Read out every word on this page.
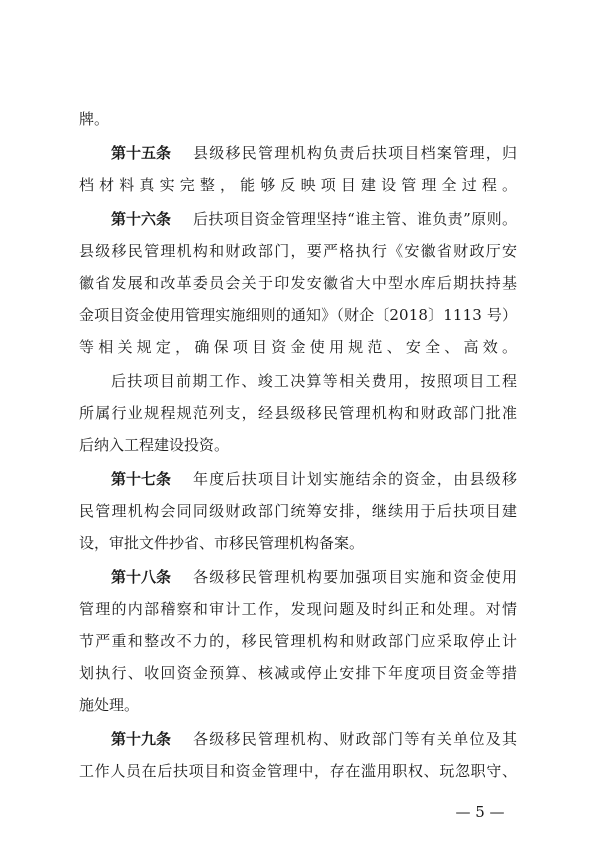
牌。
第十五条 县级移民管理机构负责后扶项目档案管理，归
档材料真实完整，能够反映项目建设管理全过程。
第十六条 后扶项目资金管理坚持“谁主管、谁负责”原则。
县级移民管理机构和财政部门，要严格执行《安徽省财政厅安
徽省发展和改革委员会关于印发安徽省大中型水库后期扶持基
金项目资金使用管理实施细则的通知》（财企〔2018〕1113 号）
等相关规定，确保项目资金使用规范、安全、高效。
后扶项目前期工作、竣工决算等相关费用，按照项目工程
所属行业规程规范列支，经县级移民管理机构和财政部门批准
后纳入工程建设投资。
第十七条 年度后扶项目计划实施结余的资金，由县级移
民管理机构会同同级财政部门统筹安排，继续用于后扶项目建
设，审批文件抄省、市移民管理机构备案。
第十八条 各级移民管理机构要加强项目实施和资金使用
管理的内部稽察和审计工作，发现问题及时纠正和处理。对情
节严重和整改不力的，移民管理机构和财政部门应采取停止计
划执行、收回资金预算、核减或停止安排下年度项目资金等措
施处理。
第十九条 各级移民管理机构、财政部门等有关单位及其
工作人员在后扶项目和资金管理中，存在滥用职权、玩忽职守、
— 5 —
